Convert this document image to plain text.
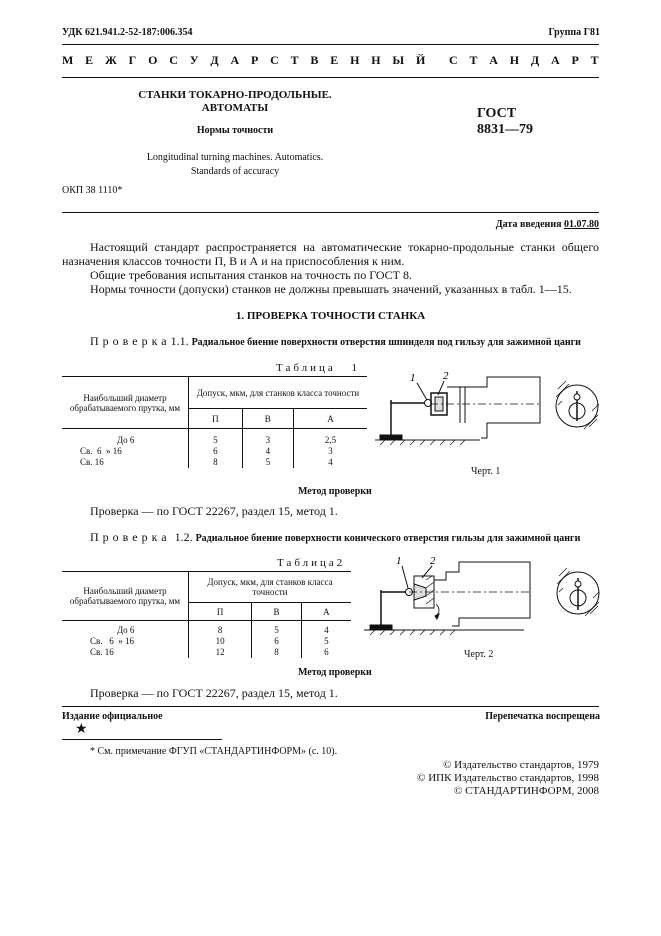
УДК 621.941.2-52-187:006.354	Группа Г81
М Е Ж Г О С У Д А Р С Т В Е Н Н Ы Й С Т А Н Д А Р Т
СТАНКИ ТОКАРНО-ПРОДОЛЬНЫЕ.
АВТОМАТЫ
Нормы точности
Longitudinal turning machines. Automatics.
Standards of accuracy
ГОСТ
8831—79
ОКП 38 1110*
Дата введения 01.07.80
Настоящий стандарт распространяется на автоматические токарно-продольные станки общего назначения классов точности П, В и А и на приспособления к ним.
Общие требования испытания станков на точность по ГОСТ 8.
Нормы точности (допуски) станков не должны превышать значений, указанных в табл. 1—15.
1. ПРОВЕРКА ТОЧНОСТИ СТАНКА
Проверка1.1. Радиальное биение поверхности отверстия шпинделя под гильзу для зажимной цанги
Таблица 1
Наибольший диаметр обрабатываемого прутка, мм	Допуск, мкм, для станков класса точности		
	П	В	А

До 6	5	3	2,5
Св.  6  » 16	6	4	3
Св. 16	8	5	4
1	2
Черт. 1
Метод проверки
Проверка — по ГОСТ 22267, раздел 15, метод 1.
Проверка 1.2. Радиальное биение поверхности конического отверстия гильзы для зажимной цанги
Таблица2
Наибольший диаметр обрабатываемого прутка, мм	Допуск, мкм, для станков класса точности		
	П	В	А

До 6	8	5	4
Св.   6  » 16	10	6	5
Св. 16	12	8	6
1	2
Черт. 2
Метод проверки
Проверка — по ГОСТ 22267, раздел 15, метод 1.
Издание официальное	Перепечатка воспрещена
★
* См. примечание ФГУП «СТАНДАРТИНФОРМ» (с. 10).
© Издательство стандартов, 1979
© ИПК Издательство стандартов, 1998
© СТАНДАРТИНФОРМ, 2008
